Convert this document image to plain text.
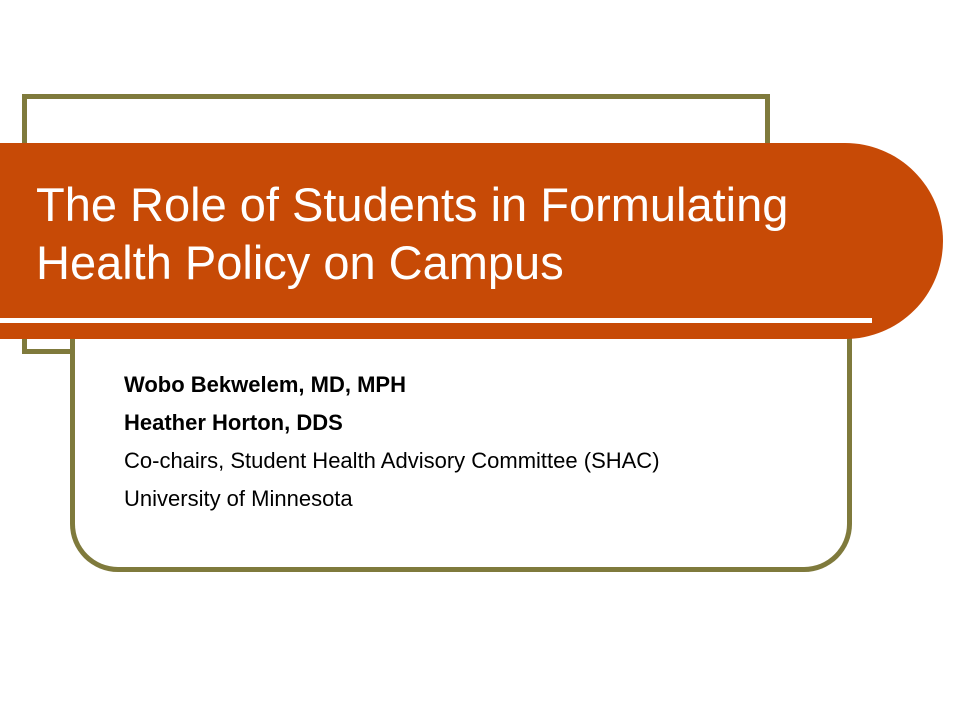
The Role of Students in Formulating
Health Policy on Campus
Wobo Bekwelem, MD, MPH
Heather Horton, DDS
Co-chairs, Student Health Advisory Committee (SHAC)
University of Minnesota
